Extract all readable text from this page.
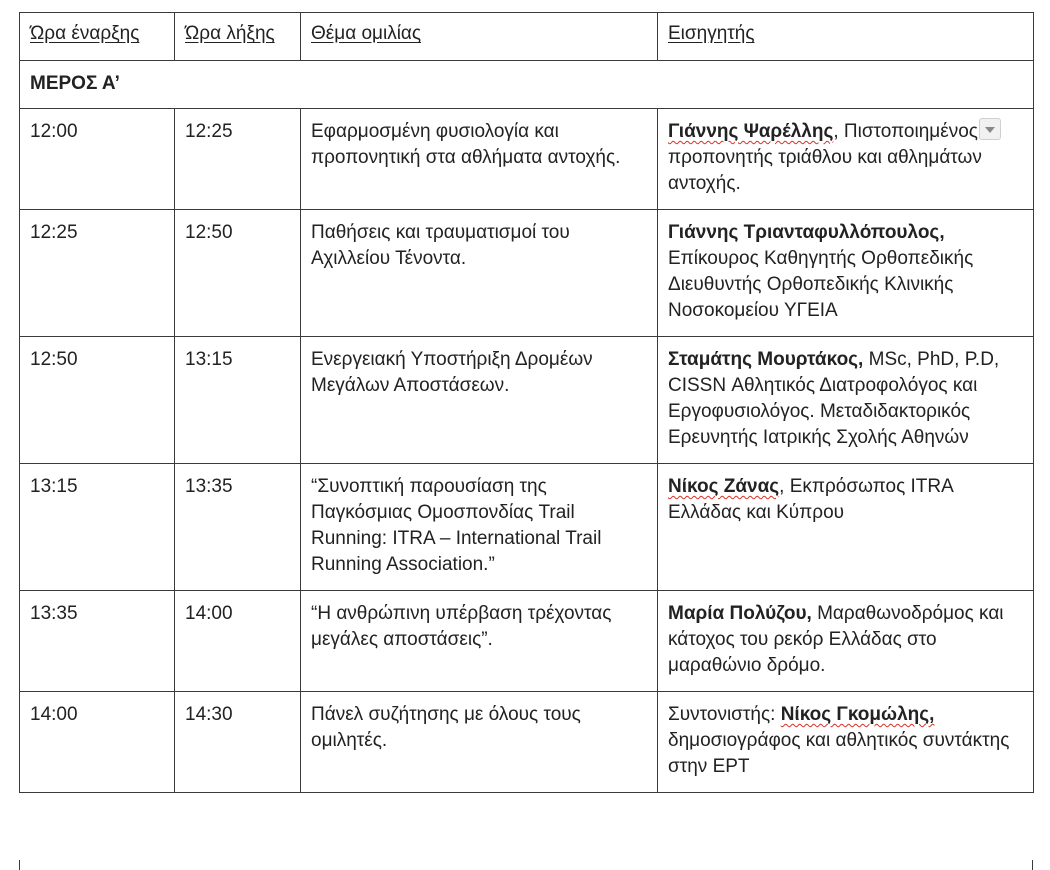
Ώρα έναρξης	Ώρα λήξης	Θέμα ομιλίας	Εισηγητής
ΜΕΡΟΣ Α’			
12:00	12:25	Εφαρμοσμένη φυσιολογία και προπονητική στα αθλήματα αντοχής.	Γιάννης Ψαρέλλης, Πιστοποιημένος προπονητής τριάθλου και αθλημάτων αντοχής.
12:25	12:50	Παθήσεις και τραυματισμοί του Αχιλλείου Τένοντα.	Γιάννης Τριανταφυλλόπουλος, Επίκουρος Καθηγητής Ορθοπεδικής Διευθυντής Ορθοπεδικής Κλινικής Νοσοκομείου ΥΓΕΙΑ
12:50	13:15	Ενεργειακή Υποστήριξη Δρομέων Μεγάλων Αποστάσεων.	Σταμάτης Μουρτάκος, MSc, PhD, P.D, CISSN Αθλητικός Διατροφολόγος και Εργοφυσιολόγος. Μεταδιδακτορικός Ερευνητής Ιατρικής Σχολής Αθηνών
13:15	13:35	“Συνοπτική παρουσίαση της Παγκόσμιας Ομοσπονδίας Trail Running: ITRA – International Trail Running Association.”	Νίκος Ζάνας, Εκπρόσωπος ITRA Ελλάδας και Κύπρου
13:35	14:00	“Η ανθρώπινη υπέρβαση τρέχοντας μεγάλες αποστάσεις”.	Μαρία Πολύζου, Μαραθωνοδρόμος και κάτοχος του ρεκόρ Ελλάδας στο μαραθώνιο δρόμο.
14:00	14:30	Πάνελ συζήτησης με όλους τους ομιλητές.	Συντονιστής: Νίκος Γκομώλης, δημοσιογράφος και αθλητικός συντάκτης στην ΕΡΤ
